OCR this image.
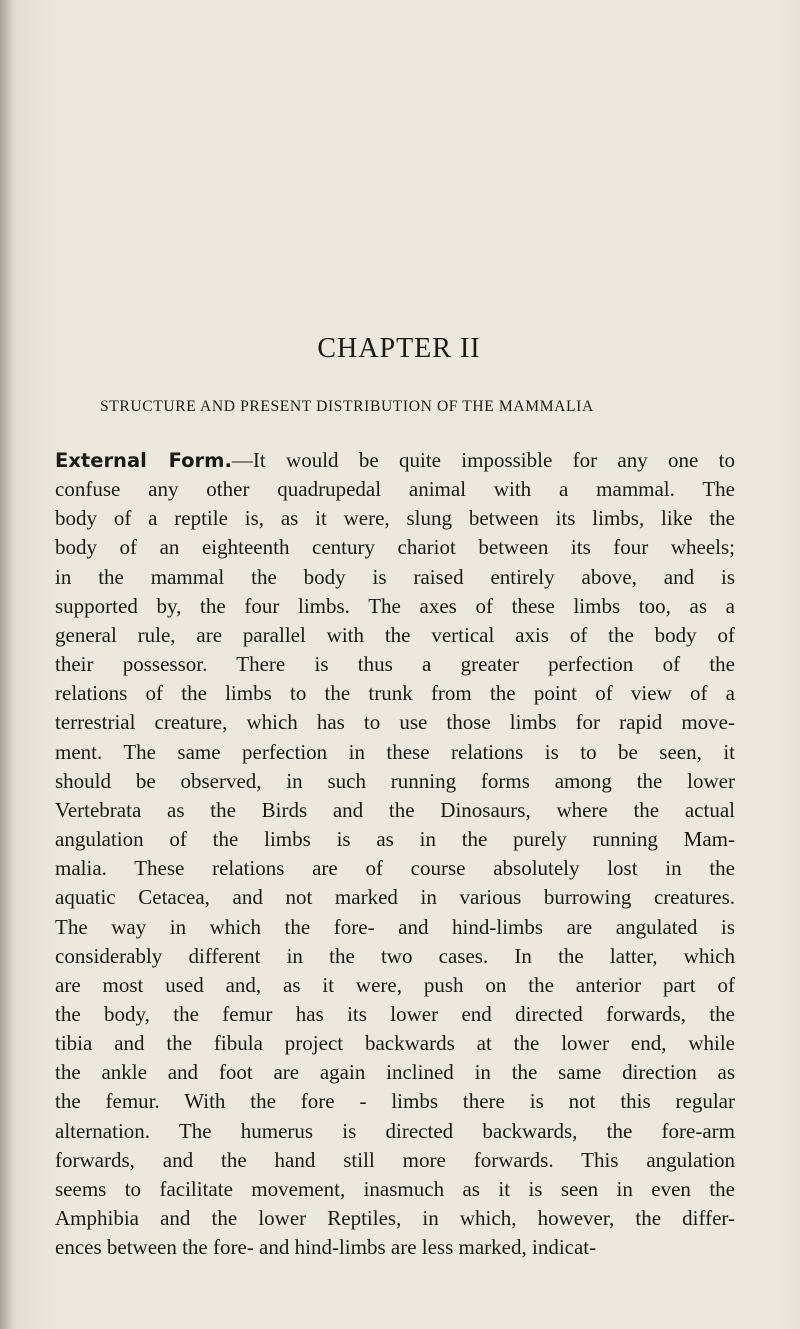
CHAPTER II
STRUCTURE AND PRESENT DISTRIBUTION OF THE MAMMALIA
External Form.—It would be quite impossible for any one to
confuse any other quadrupedal animal with a mammal. The
body of a reptile is, as it were, slung between its limbs, like the
body of an eighteenth century chariot between its four wheels;
in the mammal the body is raised entirely above, and is
supported by, the four limbs. The axes of these limbs too, as a
general rule, are parallel with the vertical axis of the body of
their possessor. There is thus a greater perfection of the
relations of the limbs to the trunk from the point of view of a
terrestrial creature, which has to use those limbs for rapid move-
ment. The same perfection in these relations is to be seen, it
should be observed, in such running forms among the lower
Vertebrata as the Birds and the Dinosaurs, where the actual
angulation of the limbs is as in the purely running Mam-
malia. These relations are of course absolutely lost in the
aquatic Cetacea, and not marked in various burrowing creatures.
The way in which the fore- and hind-limbs are angulated is
considerably different in the two cases. In the latter, which
are most used and, as it were, push on the anterior part of
the body, the femur has its lower end directed forwards, the
tibia and the fibula project backwards at the lower end, while
the ankle and foot are again inclined in the same direction as
the femur. With the fore - limbs there is not this regular
alternation. The humerus is directed backwards, the fore-arm
forwards, and the hand still more forwards. This angulation
seems to facilitate movement, inasmuch as it is seen in even the
Amphibia and the lower Reptiles, in which, however, the differ-
ences between the fore- and hind-limbs are less marked, indicat-
